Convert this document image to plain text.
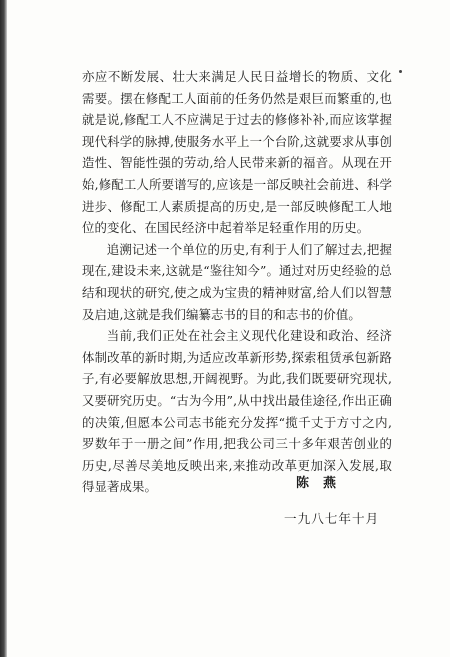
亦应不断发展、壮大来满足人民日益增长的物质、文化需要。摆在修配工人面前的任务仍然是艰巨而繁重的,也就是说,修配工人不应满足于过去的修修补补,而应该掌握现代科学的脉搏,使服务水平上一个台阶,这就要求从事创造性、智能性强的劳动,给人民带来新的福音。从现在开始,修配工人所要谱写的,应该是一部反映社会前进、科学进步、修配工人素质提高的历史,是一部反映修配工人地位的变化、在国民经济中起着举足轻重作用的历史。

追溯记述一个单位的历史,有利于人们了解过去,把握现在,建设未来,这就是“鉴往知今”。通过对历史经验的总结和现状的研究,使之成为宝贵的精神财富,给人们以智慧及启迪,这就是我们编纂志书的目的和志书的价值。

当前,我们正处在社会主义现代化建设和政治、经济体制改革的新时期,为适应改革新形势,探索租赁承包新路子,有必要解放思想,开阔视野。为此,我们既要研究现状,又要研究历史。“古为今用”,从中找出最佳途径,作出正确的决策,但愿本公司志书能充分发挥“揽千丈于方寸之内,罗数年于一册之间”作用,把我公司三十多年艰苦创业的历史,尽善尽美地反映出来,来推动改革更加深入发展,取得显著成果。	陈燕
一九八七年十月
